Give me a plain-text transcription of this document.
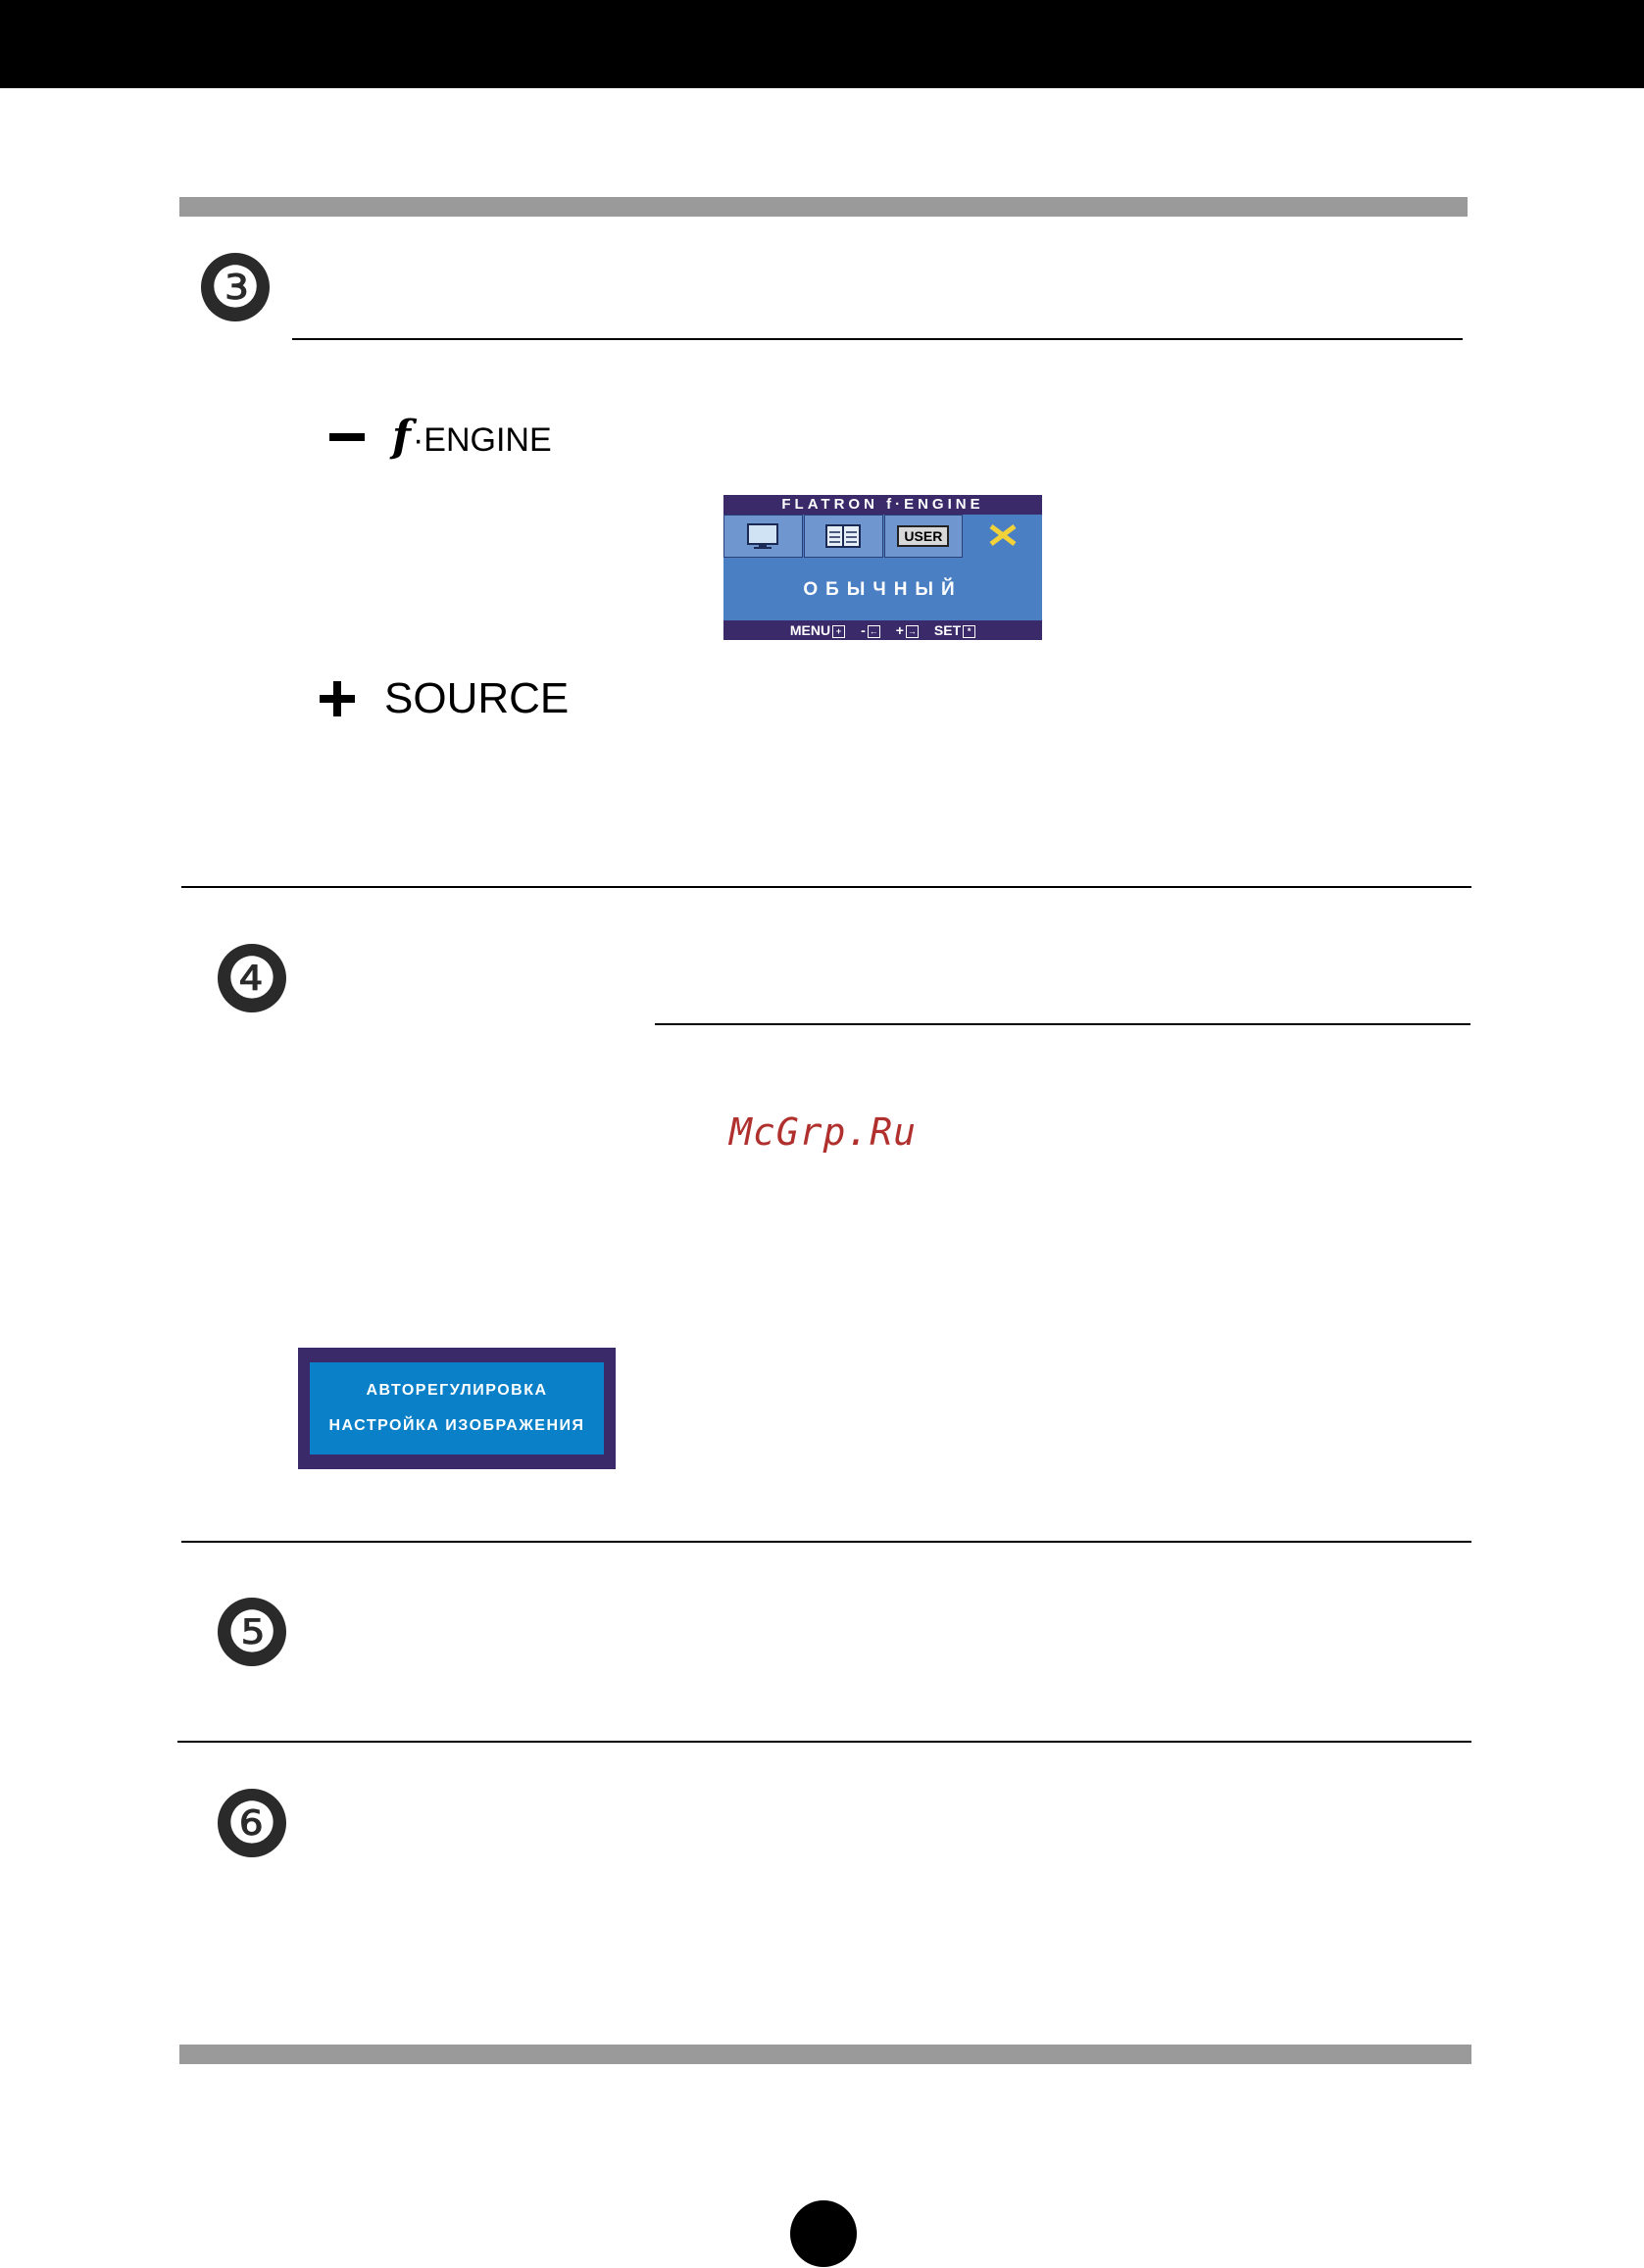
❸
f ·ENGINE
FLATRON f·ENGINE
USER
ОБЫЧНЫЙ
MENU + - ← + → SET *
SOURCE
❹
McGrp.Ru
АВТОРЕГУЛИРОВКА
НАСТРОЙКА ИЗОБРАЖЕНИЯ
❺
❻
